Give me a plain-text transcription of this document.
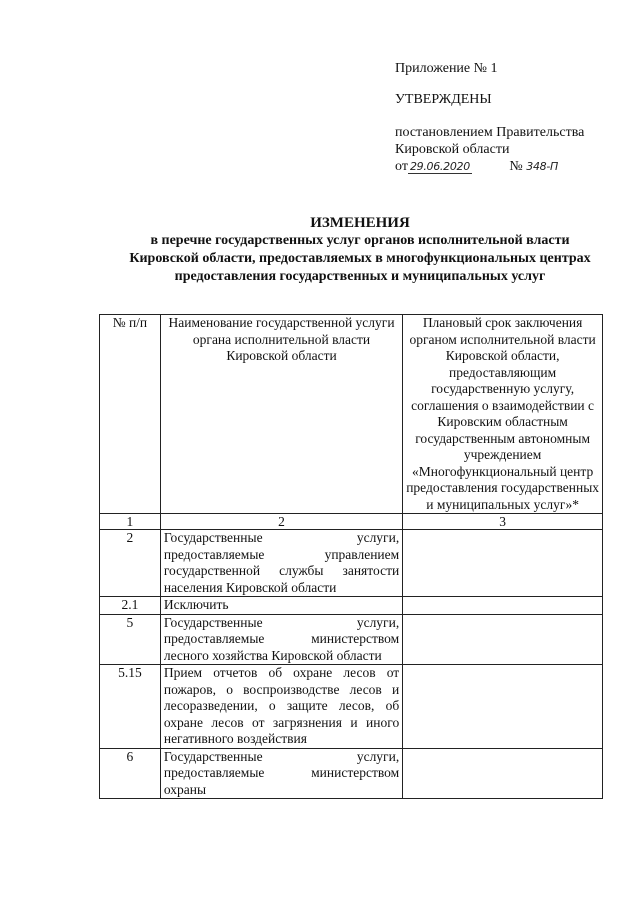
Приложение № 1
УТВЕРЖДЕНЫ
постановлением Правительства
Кировской области
от 29.06.2020	№ 348-П
ИЗМЕНЕНИЯ
в перечне государственных услуг органов исполнительной власти
Кировской области, предоставляемых в многофункциональных центрах
предоставления государственных и муниципальных услуг
№ п/п	Наименование государственной услуги органа исполнительной власти Кировской области	Плановый срок заключения органом исполнительной власти Кировской области, предоставляющим государственную услугу, соглашения о взаимодействии с Кировским областным государственным автономным учреждением «Многофункциональный центр предоставления государственных и муниципальных услуг»*
1	2	3
2	Государственные услуги, предоставляемые управлением государственной службы занятости населения Кировской области	
2.1	Исключить	
5	Государственные услуги, предоставляемые министерством лесного хозяйства Кировской области	
5.15	Прием отчетов об охране лесов от пожаров, о воспроизводстве лесов и лесоразведении, о защите лесов, об охране лесов от загрязнения и иного негативного воздействия	
6	Государственные услуги, предоставляемые министерством охраны	
